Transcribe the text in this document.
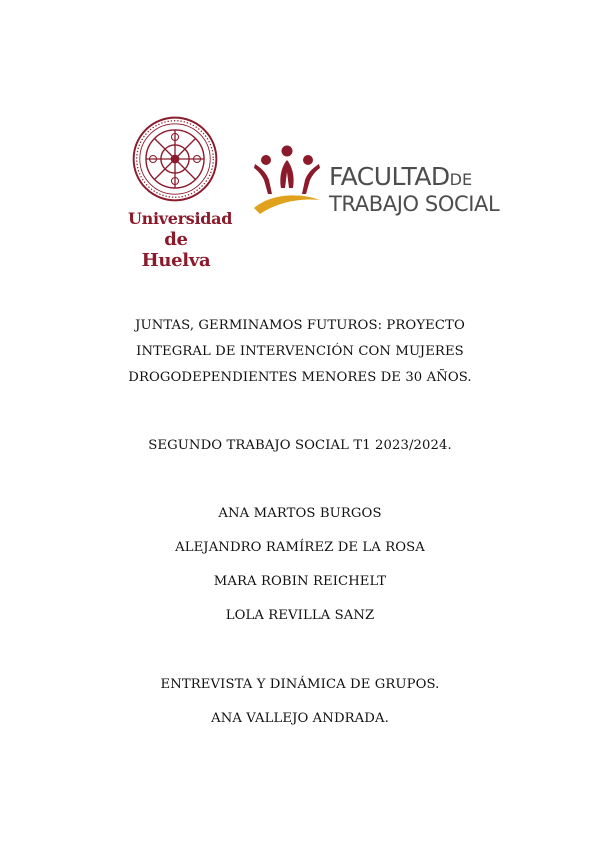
Universidad
de Huelva
FACULTADDE
TRABAJO SOCIAL
JUNTAS, GERMINAMOS FUTUROS: PROYECTO
INTEGRAL DE INTERVENCIÓN CON MUJERES
DROGODEPENDIENTES MENORES DE 30 AÑOS.
SEGUNDO TRABAJO SOCIAL T1 2023/2024.
ANA MARTOS BURGOS
ALEJANDRO RAMÍREZ DE LA ROSA
MARA ROBIN REICHELT
LOLA REVILLA SANZ
ENTREVISTA Y DINÁMICA DE GRUPOS.
ANA VALLEJO ANDRADA.
